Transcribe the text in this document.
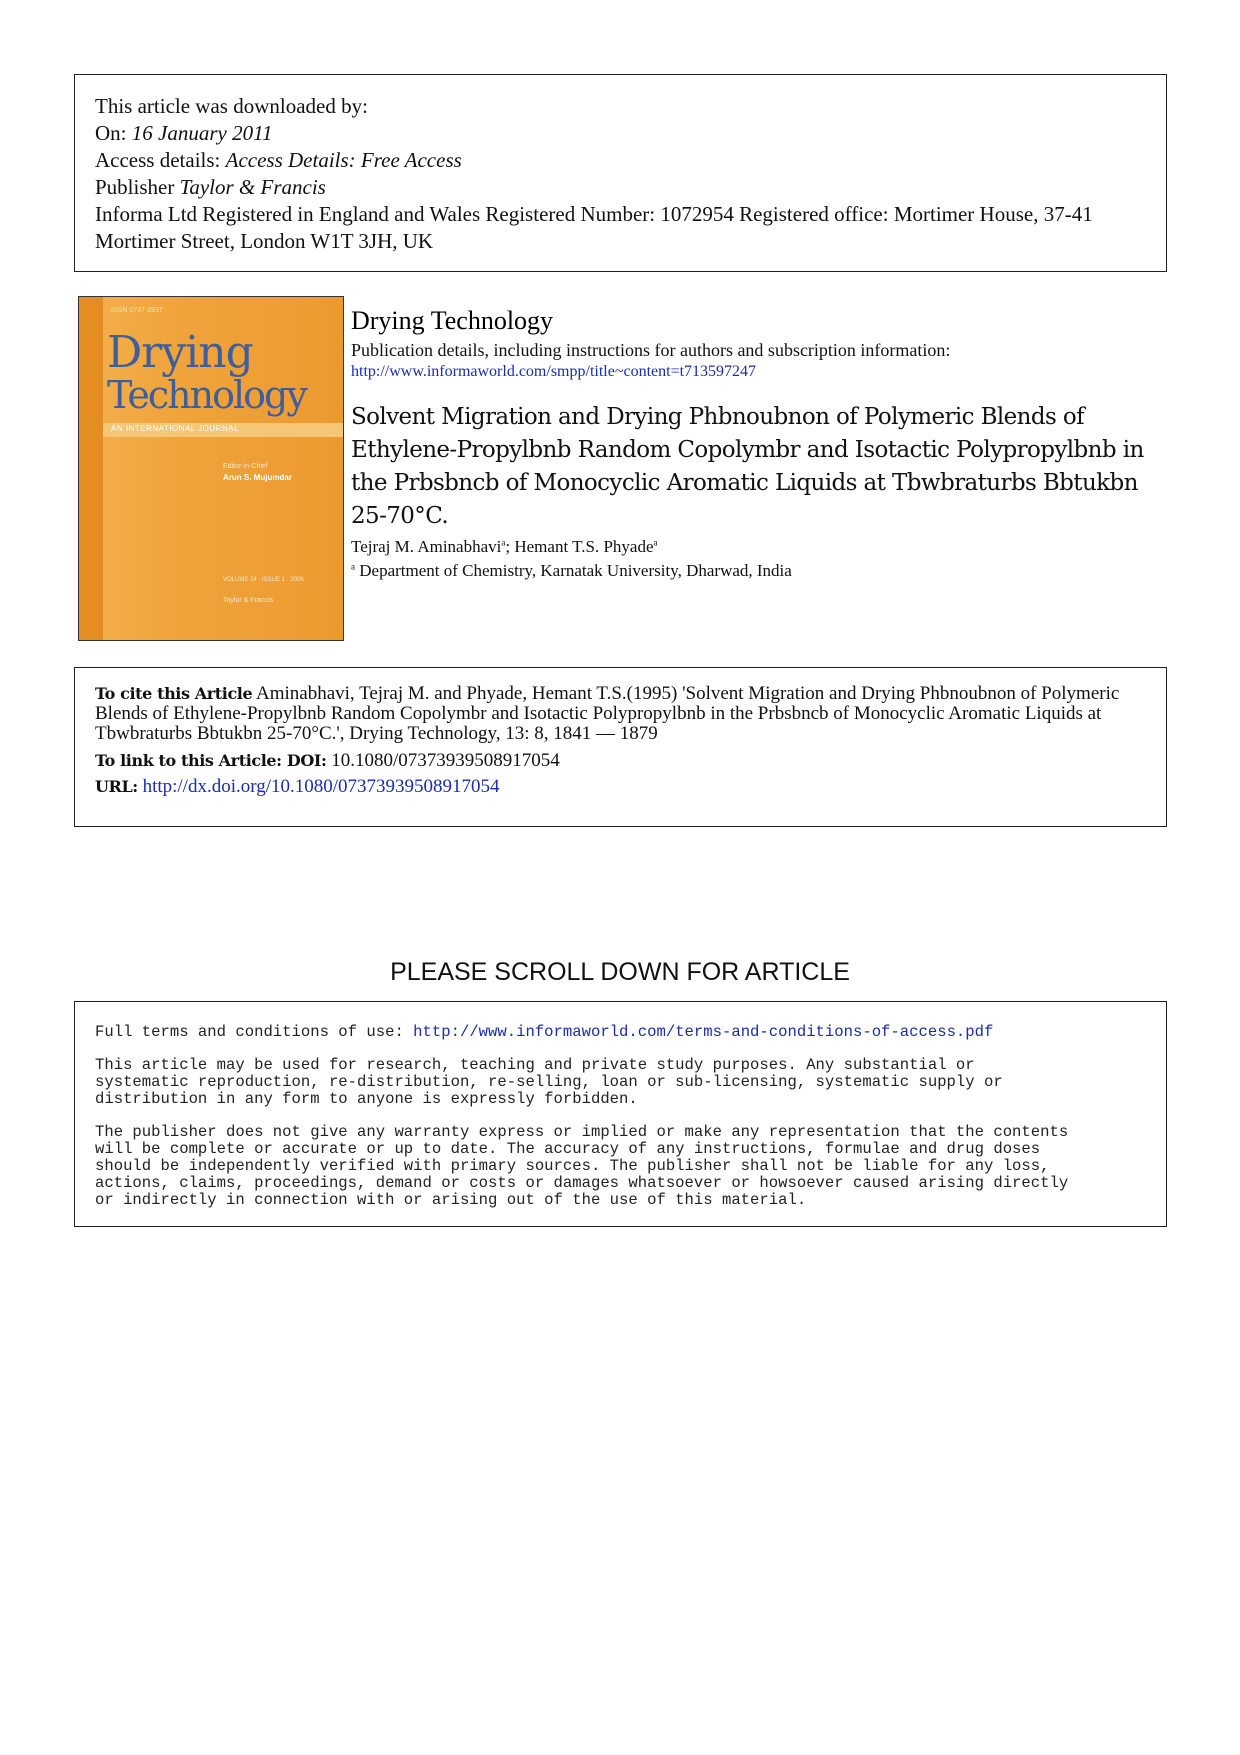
This article was downloaded by:
On: 16 January 2011
Access details: Access Details: Free Access
Publisher Taylor & Francis
Informa Ltd Registered in England and Wales Registered Number: 1072954 Registered office: Mortimer House, 37-41 Mortimer Street, London W1T 3JH, UK
ISSN 0737-3937
Drying
Technology
AN INTERNATIONAL JOURNAL
Editor-in-Chief
Arun S. Mujumdar
VOLUME 24 · ISSUE 1 · 2006
Taylor & Francis
Drying Technology
Publication details, including instructions for authors and subscription information:
http://www.informaworld.com/smpp/title~content=t713597247
Solvent Migration and Drying Phbnoubnon of Polymeric Blends of Ethylene-Propylbnb Random Copolymbr and Isotactic Polypropylbnb in the Prbsbncb of Monocyclic Aromatic Liquids at Tbwbraturbs Bbtukbn 25-70°C.
Tejraj M. Aminabhavi$^a$; Hemant T.S. Phyade$^a$
$^a$ Department of Chemistry, Karnatak University, Dharwad, India
To cite this Article Aminabhavi, Tejraj M. and Phyade, Hemant T.S.(1995) 'Solvent Migration and Drying Phbnoubnon of Polymeric Blends of Ethylene-Propylbnb Random Copolymbr and Isotactic Polypropylbnb in the Prbsbncb of Monocyclic Aromatic Liquids at Tbwbraturbs Bbtukbn 25-70°C.', Drying Technology, 13: 8, 1841 — 1879
To link to this Article: DOI: 10.1080/07373939508917054
URL: http://dx.doi.org/10.1080/07373939508917054
PLEASE SCROLL DOWN FOR ARTICLE

Full terms and conditions of use: http://www.informaworld.com/terms-and-conditions-of-access.pdf

This article may be used for research, teaching and private study purposes. Any substantial or
systematic reproduction, re-distribution, re-selling, loan or sub-licensing, systematic supply or
distribution in any form to anyone is expressly forbidden.

The publisher does not give any warranty express or implied or make any representation that the contents
will be complete or accurate or up to date. The accuracy of any instructions, formulae and drug doses
should be independently verified with primary sources. The publisher shall not be liable for any loss,
actions, claims, proceedings, demand or costs or damages whatsoever or howsoever caused arising directly
or indirectly in connection with or arising out of the use of this material.
